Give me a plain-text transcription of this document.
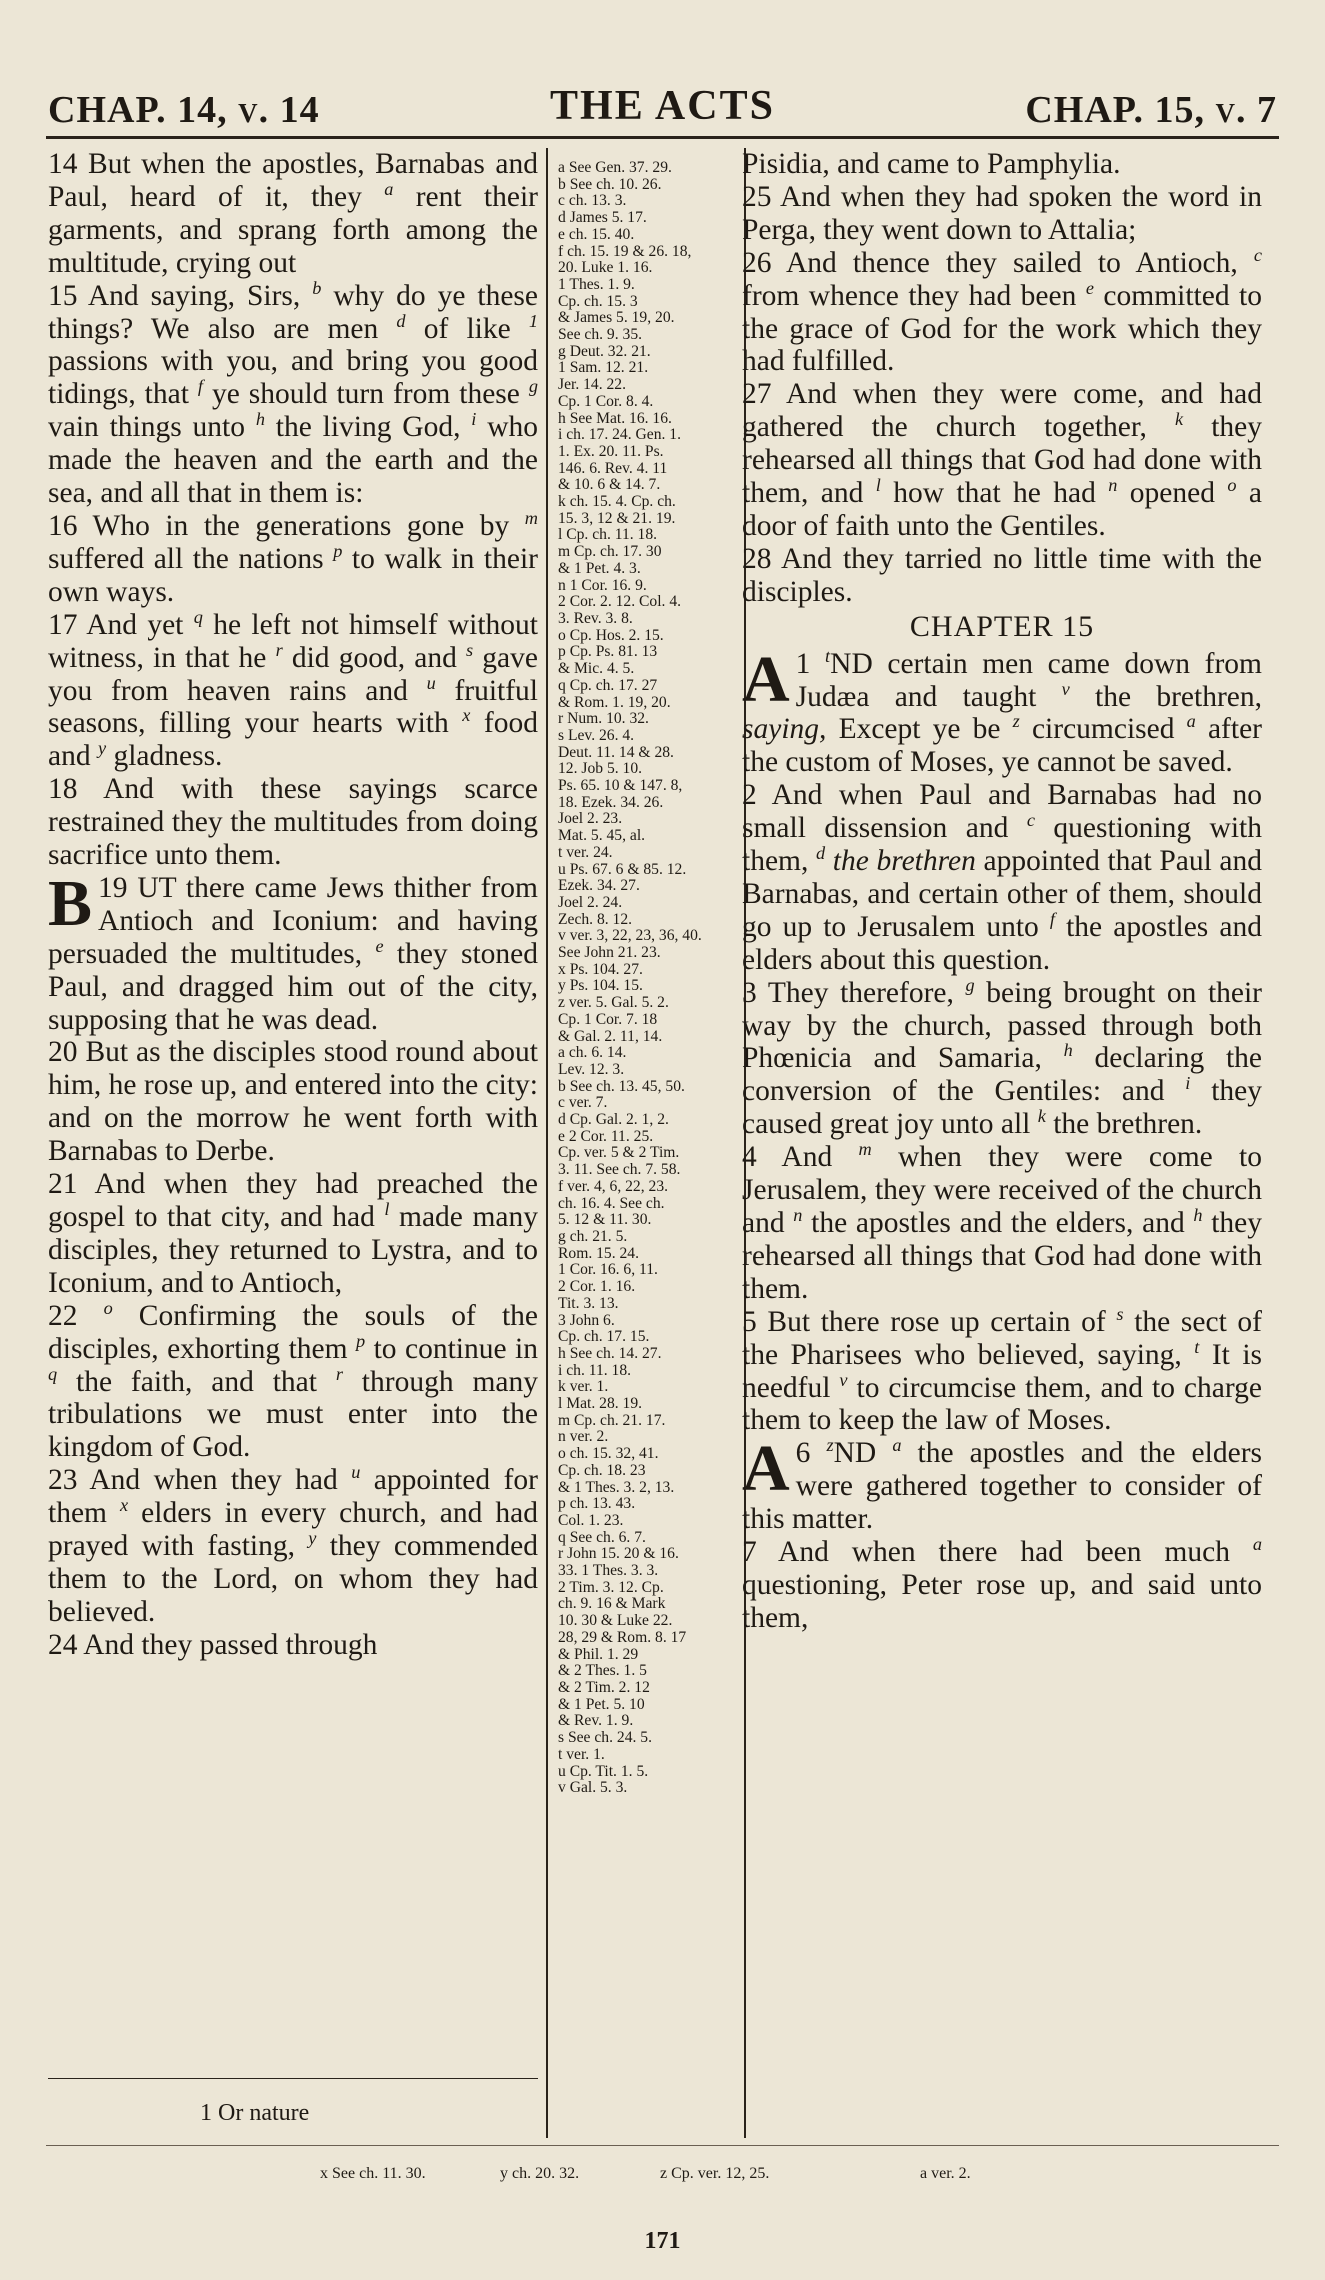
CHAP. 14, v. 14	THE ACTS	CHAP. 15, v. 7

14 But when the apostles, Barnabas and Paul, heard of it, they $^a$ rent their garments, and sprang forth among the multitude, crying out

15 And saying, Sirs, $^b$ why do ye these things? We also are men $^d$ of like $^1$ passions with you, and bring you good tidings, that $^f$ ye should turn from these $^g$ vain things unto $^h$ the living God, $^i$ who made the heaven and the earth and the sea, and all that in them is:

16 Who in the generations gone by $^m$ suffered all the nations $^p$ to walk in their own ways.

17 And yet $^q$ he left not himself without witness, in that he $^r$ did good, and $^s$ gave you from heaven rains and $^u$ fruitful seasons, filling your hearts with $^x$ food and $^y$ gladness.

18 And with these sayings scarce restrained they the multitudes from doing sacrifice unto them.

19
B UT there came Jews thither from Antioch and Iconium: and having persuaded the multitudes, $^e$ they stoned Paul, and dragged him out of the city, supposing that he was dead.

20 But as the disciples stood round about him, he rose up, and entered into the city: and on the morrow he went forth with Barnabas to Derbe.

21 And when they had preached the gospel to that city, and had $^l$ made many disciples, they returned to Lystra, and to Iconium, and to Antioch,

22 $^o$ Confirming the souls of the disciples, exhorting them $^p$ to continue in $^q$ the faith, and that $^r$ through many tribulations we must enter into the kingdom of God.

23 And when they had $^u$ appointed for them $^x$ elders in every church, and had prayed with fasting, $^y$ they commended them to the Lord, on whom they had believed.

24 And they passed through

a See Gen. 37. 29.
b See ch. 10. 26.
c ch. 13. 3.
d James 5. 17.
e ch. 15. 40.
f ch. 15. 19 & 26. 18,
20. Luke 1. 16.
1 Thes. 1. 9.
Cp. ch. 15. 3
& James 5. 19, 20.
See ch. 9. 35.
g Deut. 32. 21.
1 Sam. 12. 21.
Jer. 14. 22.
Cp. 1 Cor. 8. 4.
h See Mat. 16. 16.
i ch. 17. 24. Gen. 1.
1. Ex. 20. 11. Ps.
146. 6. Rev. 4. 11
& 10. 6 & 14. 7.
k ch. 15. 4. Cp. ch.
15. 3, 12 & 21. 19.
l Cp. ch. 11. 18.
m Cp. ch. 17. 30
& 1 Pet. 4. 3.
n 1 Cor. 16. 9.
2 Cor. 2. 12. Col. 4.
3. Rev. 3. 8.
o Cp. Hos. 2. 15.
p Cp. Ps. 81. 13
& Mic. 4. 5.
q Cp. ch. 17. 27
& Rom. 1. 19, 20.
r Num. 10. 32.
s Lev. 26. 4.
Deut. 11. 14 & 28.
12. Job 5. 10.
Ps. 65. 10 & 147. 8,
18. Ezek. 34. 26.
Joel 2. 23.
Mat. 5. 45, al.
t ver. 24.
u Ps. 67. 6 & 85. 12.
Ezek. 34. 27.
Joel 2. 24.
Zech. 8. 12.
v ver. 3, 22, 23, 36, 40.
See John 21. 23.
x Ps. 104. 27.
y Ps. 104. 15.
z ver. 5. Gal. 5. 2.
Cp. 1 Cor. 7. 18
& Gal. 2. 11, 14.
a ch. 6. 14.
Lev. 12. 3.
b See ch. 13. 45, 50.
c ver. 7.
d Cp. Gal. 2. 1, 2.
e 2 Cor. 11. 25.
Cp. ver. 5 & 2 Tim.
3. 11. See ch. 7. 58.
f ver. 4, 6, 22, 23.
ch. 16. 4. See ch.
5. 12 & 11. 30.
g ch. 21. 5.
Rom. 15. 24.
1 Cor. 16. 6, 11.
2 Cor. 1. 16.
Tit. 3. 13.
3 John 6.
Cp. ch. 17. 15.
h See ch. 14. 27.
i ch. 11. 18.
k ver. 1.
l Mat. 28. 19.
m Cp. ch. 21. 17.
n ver. 2.
o ch. 15. 32, 41.
Cp. ch. 18. 23
& 1 Thes. 3. 2, 13.
p ch. 13. 43.
Col. 1. 23.
q See ch. 6. 7.
r John 15. 20 & 16.
33. 1 Thes. 3. 3.
2 Tim. 3. 12. Cp.
ch. 9. 16 & Mark
10. 30 & Luke 22.
28, 29 & Rom. 8. 17
& Phil. 1. 29
& 2 Thes. 1. 5
& 2 Tim. 2. 12
& 1 Pet. 5. 10
& Rev. 1. 9.
s See ch. 24. 5.
t ver. 1.
u Cp. Tit. 1. 5.
v Gal. 5. 3.

Pisidia, and came to Pamphylia.

25 And when they had spoken the word in Perga, they went down to Attalia;

26 And thence they sailed to Antioch, $^c$ from whence they had been $^e$ committed to the grace of God for the work which they had fulfilled.

27 And when they were come, and had gathered the church together, $^k$ they rehearsed all things that God had done with them, and $^l$ how that he had $^n$ opened $^o$ a door of faith unto the Gentiles.

28 And they tarried no little time with the disciples.

CHAPTER 15

1 $^t$
A ND certain men came down from Judæa and taught $^v$ the brethren, saying, Except ye be $^z$ circumcised $^a$ after the custom of Moses, ye cannot be saved.

2 And when Paul and Barnabas had no small dissension and $^c$ questioning with them, $^d$ the brethren appointed that Paul and Barnabas, and certain other of them, should go up to Jerusalem unto $^f$ the apostles and elders about this question.

3 They therefore, $^g$ being brought on their way by the church, passed through both Phœnicia and Samaria, $^h$ declaring the conversion of the Gentiles: and $^i$ they caused great joy unto all $^k$ the brethren.

4 And $^m$ when they were come to Jerusalem, they were received of the church and $^n$ the apostles and the elders, and $^h$ they rehearsed all things that God had done with them.

5 But there rose up certain of $^s$ the sect of the Pharisees who believed, saying, $^t$ It is needful $^v$ to circumcise them, and to charge them to keep the law of Moses.

6 $^z$
A ND $^a$ the apostles and the elders were gathered together to consider of this matter.

7 And when there had been much $^a$ questioning, Peter rose up, and said unto them,

1 Or nature
x See ch. 11. 30.	y ch. 20. 32.	z Cp. ver. 12, 25.	a ver. 2.
171
